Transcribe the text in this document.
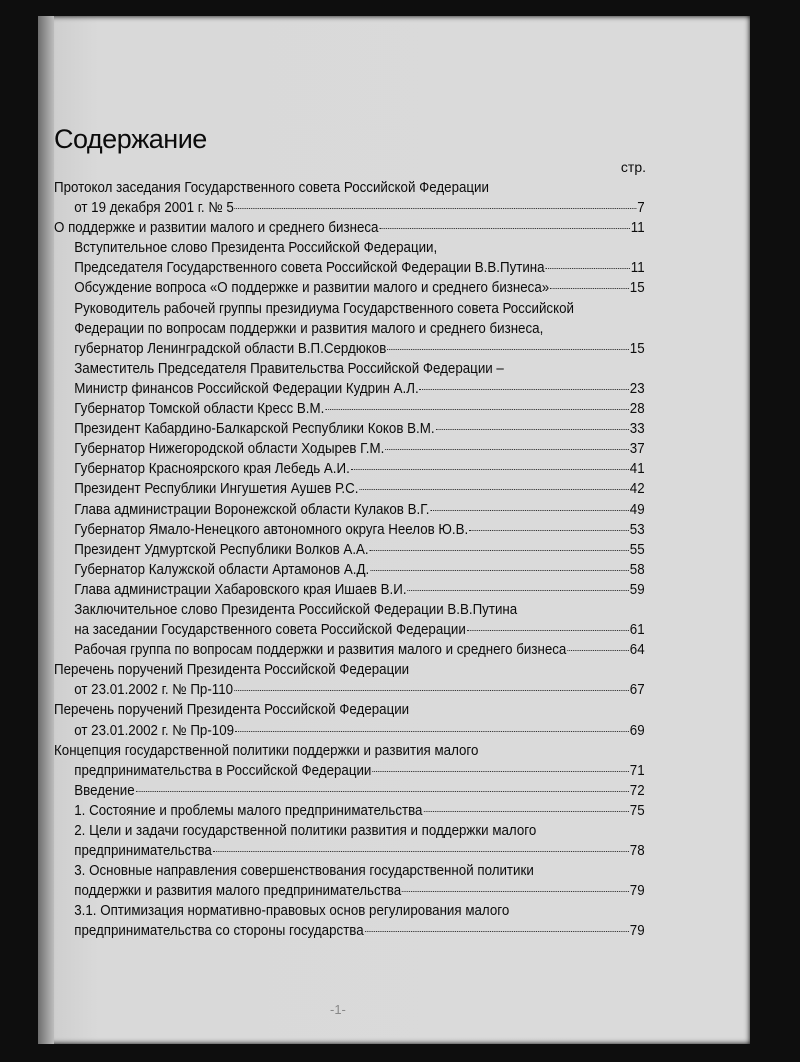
Содержание
стр.
Протокол заседания Государственного совета Российской Федерации
от 19 декабря 2001 г. № 5	7
О поддержке и развитии малого и среднего бизнеса	11
Вступительное слово Президента Российской Федерации,
Председателя Государственного совета Российской Федерации В.В.Путина	11
Обсуждение вопроса «О поддержке и развитии малого и среднего бизнеса»	15
Руководитель рабочей группы президиума Государственного совета Российской
Федерации по вопросам поддержки и развития малого и среднего бизнеса,
губернатор Ленинградской области В.П.Сердюков	15
Заместитель Председателя Правительства Российской Федерации –
Министр финансов Российской Федерации Кудрин А.Л.	23
Губернатор Томской области Кресс В.М.	28
Президент Кабардино-Балкарской Республики Коков В.М.	33
Губернатор Нижегородской области Ходырев Г.М.	37
Губернатор Красноярского края Лебедь А.И.	41
Президент Республики Ингушетия Аушев Р.С.	42
Глава администрации Воронежской области Кулаков В.Г.	49
Губернатор Ямало-Ненецкого автономного округа Неелов Ю.В.	53
Президент Удмуртской Республики Волков А.А.	55
Губернатор Калужской области Артамонов А.Д.	58
Глава администрации Хабаровского края Ишаев В.И.	59
Заключительное слово Президента Российской Федерации В.В.Путина
на заседании Государственного совета Российской Федерации	61
Рабочая группа по вопросам поддержки и развития малого и среднего бизнеса	64
Перечень поручений Президента Российской Федерации
от 23.01.2002 г. № Пр-110	67
Перечень поручений Президента Российской Федерации
от 23.01.2002 г. № Пр-109	69
Концепция государственной политики поддержки и развития малого
предпринимательства в Российской Федерации	71
Введение	72
1. Состояние и проблемы малого предпринимательства	75
2. Цели и задачи государственной политики развития и поддержки малого
предпринимательства	78
3. Основные направления совершенствования государственной политики
поддержки и развития малого предпринимательства	79
3.1. Оптимизация нормативно-правовых основ регулирования малого
предпринимательства со стороны государства	79
-1-
